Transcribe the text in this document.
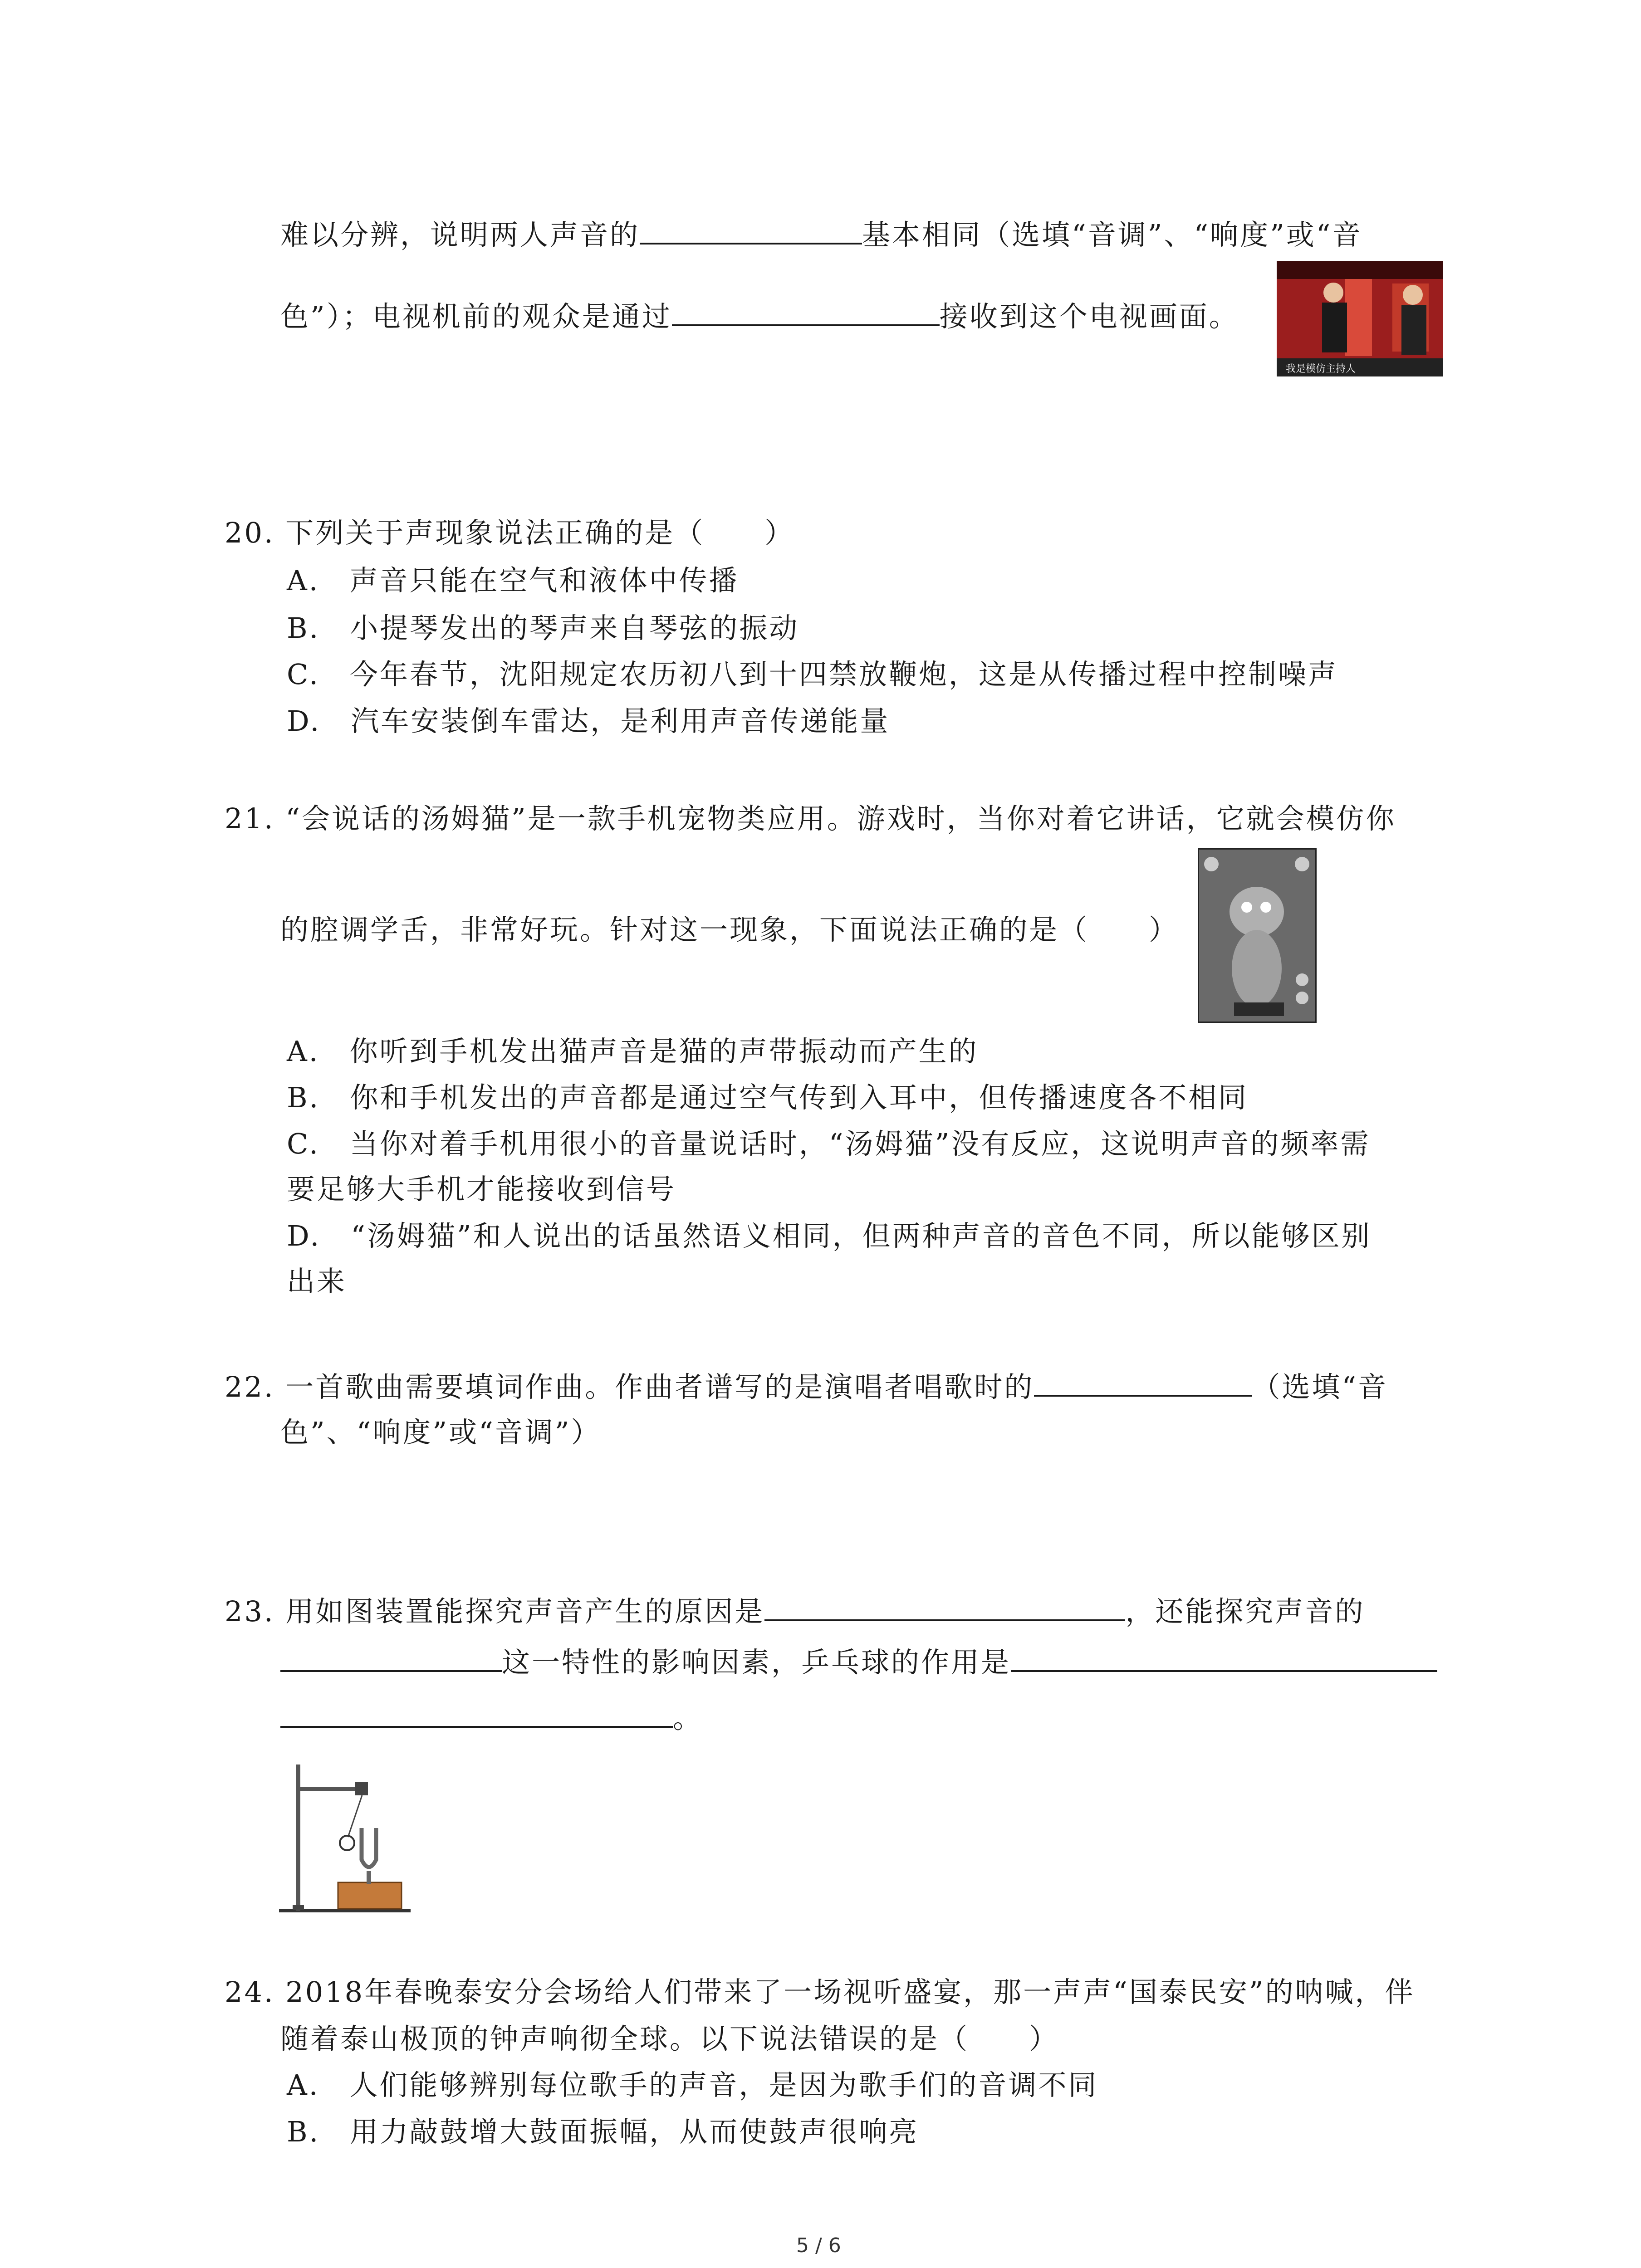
难以分辨，说明两人声音的	基本相同（选填“音调”、“响度”或“音
色”）；电视机前的观众是通过	接收到这个电视画面。
我是模仿主持人
20. 下列关于声现象说法正确的是（　　）
A.　声音只能在空气和液体中传播
B.　小提琴发出的琴声来自琴弦的振动
C.　今年春节，沈阳规定农历初八到十四禁放鞭炮，这是从传播过程中控制噪声
D.　汽车安装倒车雷达，是利用声音传递能量
21. “会说话的汤姆猫”是一款手机宠物类应用。游戏时，当你对着它讲话，它就会模仿你
的腔调学舌，非常好玩。针对这一现象，下面说法正确的是（　　）
A.　你听到手机发出猫声音是猫的声带振动而产生的
B.　你和手机发出的声音都是通过空气传到入耳中，但传播速度各不相同
C.　当你对着手机用很小的音量说话时，“汤姆猫”没有反应，这说明声音的频率需
要足够大手机才能接收到信号
D.　“汤姆猫”和人说出的话虽然语义相同，但两种声音的音色不同，所以能够区别
出来
22. 一首歌曲需要填词作曲。作曲者谱写的是演唱者唱歌时的	（选填“音
色”、“响度”或“音调”）
23. 用如图装置能探究声音产生的原因是	，还能探究声音的
这一特性的影响因素，乒乓球的作用是
。
24. 2018年春晚泰安分会场给人们带来了一场视听盛宴，那一声声“国泰民安”的呐喊，伴
随着泰山极顶的钟声响彻全球。以下说法错误的是（　　）
A.　人们能够辨别每位歌手的声音，是因为歌手们的音调不同
B.　用力敲鼓增大鼓面振幅，从而使鼓声很响亮
5 / 6
